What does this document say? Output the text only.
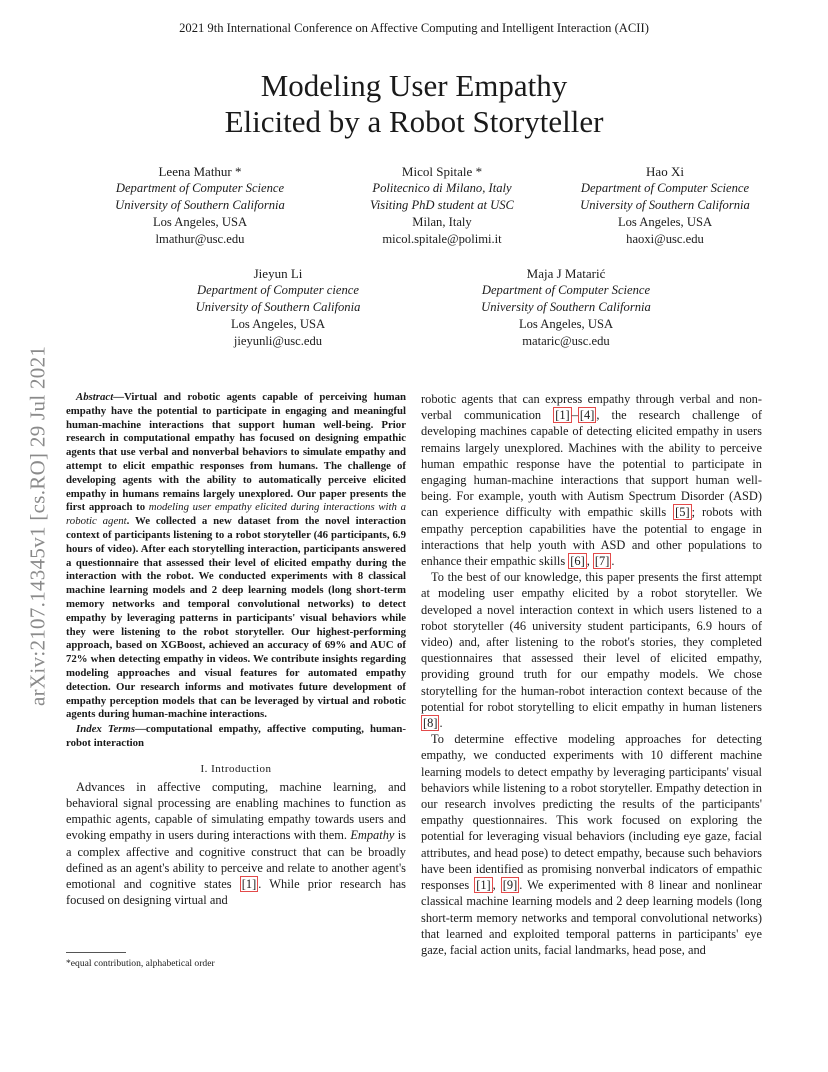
2021 9th International Conference on Affective Computing and Intelligent Interaction (ACII)
Modeling User Empathy
Elicited by a Robot Storyteller
Leena Mathur *
Department of Computer Science
University of Southern California
Los Angeles, USA
lmathur@usc.edu
Micol Spitale *
Politecnico di Milano, Italy
Visiting PhD student at USC
Milan, Italy
micol.spitale@polimi.it
Hao Xi
Department of Computer Science
University of Southern California
Los Angeles, USA
haoxi@usc.edu
Jieyun Li
Department of Computer cience
University of Southern Califonia
Los Angeles, USA
jieyunli@usc.edu
Maja J Matarić
Department of Computer Science
University of Southern California
Los Angeles, USA
mataric@usc.edu
arXiv:2107.14345v1 [cs.RO] 29 Jul 2021	Abstract—Virtual and robotic agents capable of perceiving human empathy have the potential to participate in engaging and meaningful human-machine interactions that support human well-being. Prior research in computational empathy has focused on designing empathic agents that use verbal and nonverbal behaviors to simulate empathy and attempt to elicit empathic responses from humans. The challenge of developing agents with the ability to automatically perceive elicited empathy in humans remains largely unexplored. Our paper presents the first approach to modeling user empathy elicited during interactions with a robotic agent. We collected a new dataset from the novel interaction context of participants listening to a robot storyteller (46 participants, 6.9 hours of video). After each storytelling interaction, participants answered a questionnaire that assessed their level of elicited empathy during the interaction with the robot. We conducted experiments with 8 classical machine learning models and 2 deep learning models (long short-term memory networks and temporal convolutional networks) to detect empathy by leveraging patterns in participants' visual behaviors while they were listening to the robot storyteller. Our highest-performing approach, based on XGBoost, achieved an accuracy of 69% and AUC of 72% when detecting empathy in videos. We contribute insights regarding modeling approaches and visual features for automated empathy detection. Our research informs and motivates future development of empathy perception models that can be leveraged by virtual and robotic agents during human-machine interactions.
Index Terms—computational empathy, affective computing, human-robot interaction
I. Introduction
Advances in affective computing, machine learning, and behavioral signal processing are enabling machines to function as empathic agents, capable of simulating empathy towards users and evoking empathy in users during interactions with them. Empathy is a complex affective and cognitive construct that can be broadly defined as an agent's ability to perceive and relate to another agent's emotional and cognitive states [1] . While prior research has focused on designing virtual and
*equal contribution, alphabetical order

robotic agents that can express empathy through verbal and non-verbal communication [1] – [4] , the research challenge of developing machines capable of detecting elicited empathy in users remains largely unexplored. Machines with the ability to perceive human empathic response have the potential to participate in engaging human-machine interactions that support human well-being. For example, youth with Autism Spectrum Disorder (ASD) can experience difficulty with empathic skills [5] ; robots with empathy perception capabilities have the potential to engage in interactions that help youth with ASD and other populations to enhance their empathic skills [6] , [7] .

To the best of our knowledge, this paper presents the first attempt at modeling user empathy elicited by a robot storyteller. We developed a novel interaction context in which users listened to a robot storyteller (46 university student participants, 6.9 hours of video) and, after listening to the robot's stories, they completed questionnaires that assessed their level of elicited empathy, providing ground truth for our empathy models. We chose storytelling for the human-robot interaction context because of the potential for robot storytelling to elicit empathy in human listeners [8] .

To determine effective modeling approaches for detecting empathy, we conducted experiments with 10 different machine learning models to detect empathy by leveraging participants' visual behaviors while listening to a robot storyteller. Empathy detection in our research involves predicting the results of the participants' empathy questionnaires. This work focused on exploring the potential for leveraging visual behaviors (including eye gaze, facial attributes, and head pose) to detect empathy, because such behaviors have been identified as promising nonverbal indicators of empathic responses [1] , [9] . We experimented with 8 linear and nonlinear classical machine learning models and 2 deep learning models (long short-term memory networks and temporal convolutional networks) that learned and exploited temporal patterns in participants' eye gaze, facial action units, facial landmarks, head pose, and
